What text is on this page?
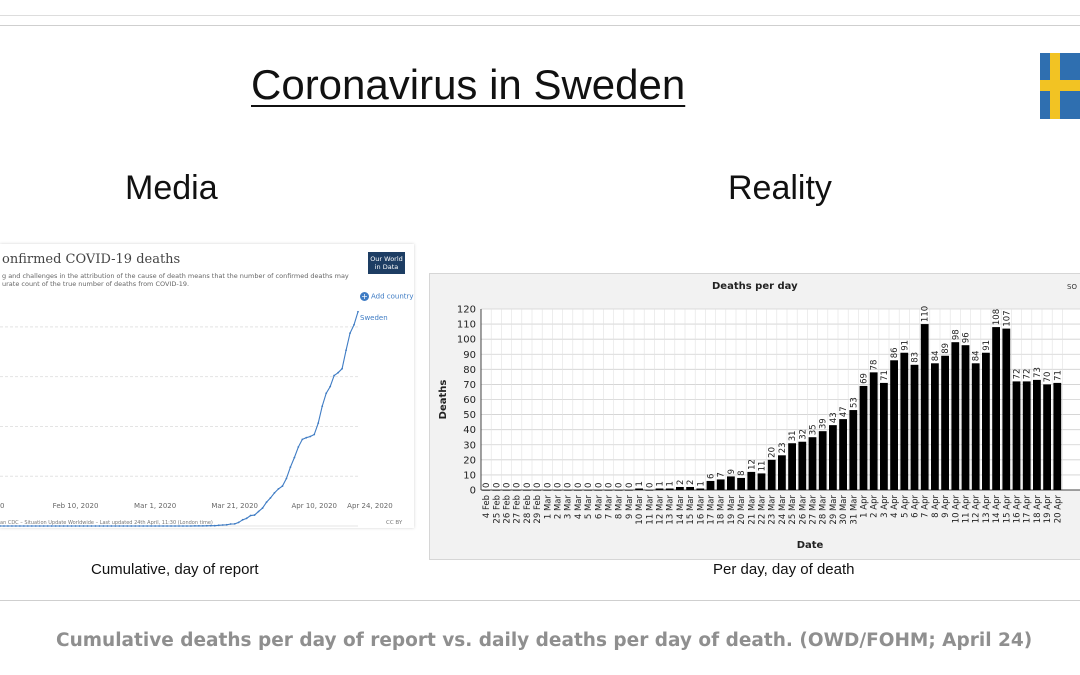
Coronavirus in Sweden
Media	Reality
onfirmed COVID-19 deaths
g and challenges in the attribution of the cause of death means that the number of confirmed deaths may
urate count of the true number of deaths from COVID-19.
Our World
in Data
+ Add country
Sweden
0	Feb 10, 2020	Mar 1, 2020	Mar 21, 2020	Apr 10, 2020 Apr 24, 2020
an CDC – Situation Update Worldwide – Last updated 24th April, 11:30 (London time)	CC BY
Deaths per day	SO
0
10
20
30
40
50
60
70
80
90
100
110
120
0
4 Feb
0
25 Feb
0
26 Feb
0
27 Feb
0
28 Feb
0
29 Feb
0
1 Mar
0
2 Mar
0
3 Mar
0
4 Mar
0
5 Mar
0
6 Mar
0
7 Mar
0
8 Mar
0
9 Mar
1
10 Mar
0
11 Mar
1
12 Mar
1
13 Mar
2
14 Mar
2
15 Mar
1
16 Mar
6
17 Mar
7
18 Mar
9
19 Mar
8
20 Mar
12
21 Mar
11
22 Mar
20
23 Mar
23
24 Mar
31
25 Mar
32
26 Mar
35
27 Mar
39
28 Mar
43
29 Mar
47
30 Mar
53
31 Mar
69
1 Apr
78
2 Apr
71
3 Apr
86
4 Apr
91
5 Apr
83
6 Apr
110
7 Apr
84
8 Apr
89
9 Apr
98
10 Apr
96
11 Apr
84
12 Apr
91
13 Apr
108
14 Apr
107
15 Apr
72
16 Apr
72
17 Apr
73
18 Apr
70
19 Apr
71
20 Apr
Deaths
Date
Cumulative, day of report	Per day, day of death
Cumulative deaths per day of report vs. daily deaths per day of death. (OWD/FOHM; April 24)
